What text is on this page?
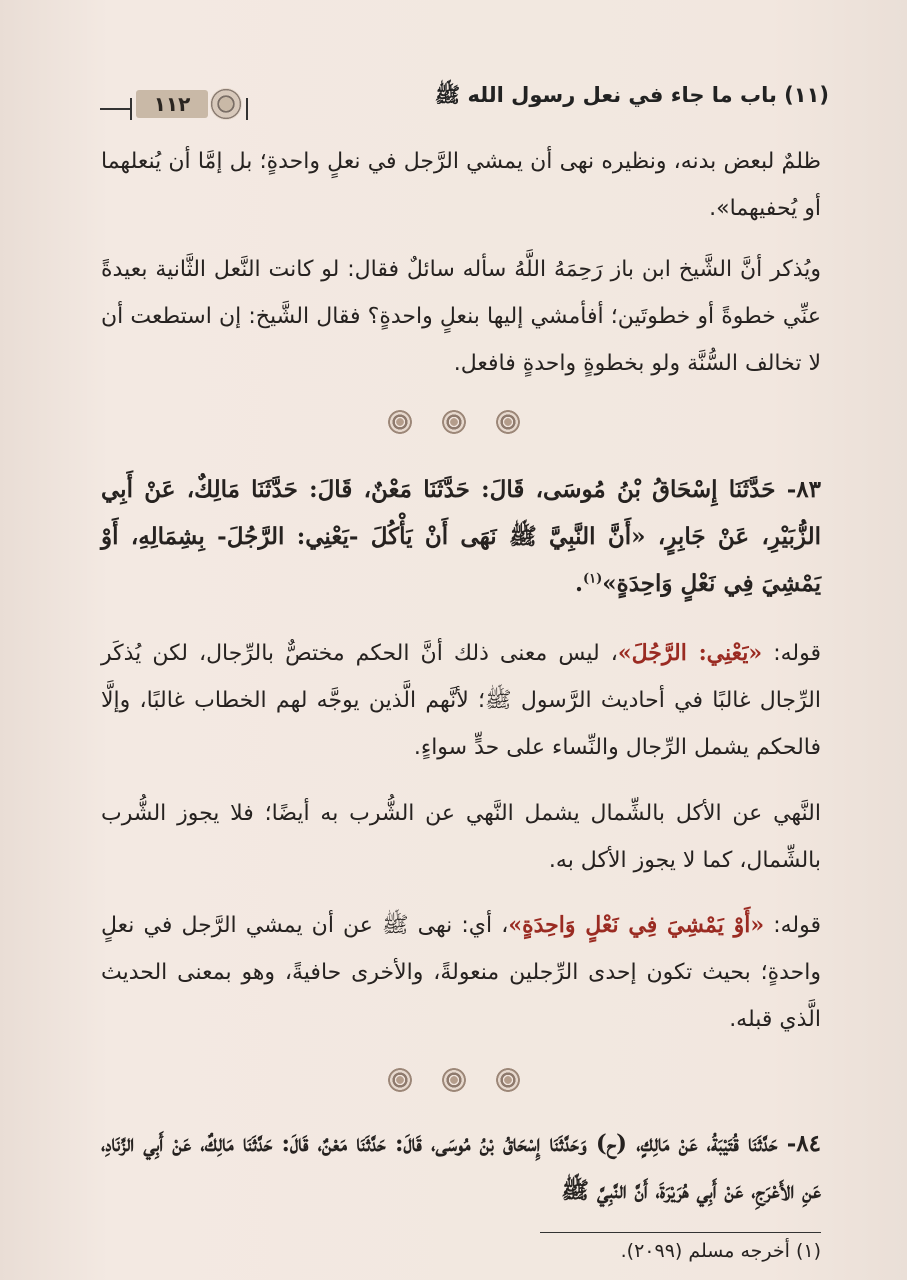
١١٢	(١١) باب ما جاء في نعل رسول الله ﷺ

ظلمٌ لبعض بدنه، ونظيره نهى أن يمشي الرَّجل في نعلٍ واحدةٍ؛ بل إمَّا أن يُنعلهما أو يُحفيهما».

ويُذكر أنَّ الشَّيخ ابن باز رَحِمَهُ اللَّهُ سأله سائلٌ فقال: لو كانت النَّعل الثَّانية بعيدةً عنِّي خطوةً أو خطوتَين؛ أفأمشي إليها بنعلٍ واحدةٍ؟ فقال الشَّيخ: إن استطعت أن لا تخالف السُّنَّة ولو بخطوةٍ واحدةٍ فافعل.

٨٣- حَدَّثَنَا إِسْحَاقُ بْنُ مُوسَى، قَالَ: حَدَّثَنَا مَعْنٌ، قَالَ: حَدَّثَنَا مَالِكٌ، عَنْ أَبِي الزُّبَيْرِ، عَنْ جَابِرٍ، «أَنَّ النَّبِيَّ ﷺ نَهَى أَنْ يَأْكُلَ -يَعْنِي: الرَّجُلَ- بِشِمَالِهِ، أَوْ يَمْشِيَ فِي نَعْلٍ وَاحِدَةٍ»$^{(١)}$.

قوله: «يَعْنِي: الرَّجُلَ»، ليس معنى ذلك أنَّ الحكم مختصٌّ بالرِّجال، لكن يُذكَر الرِّجال غالبًا في أحاديث الرَّسول ﷺ؛ لأنَّهم الَّذين يوجَّه لهم الخطاب غالبًا، وإلَّا فالحكم يشمل الرِّجال والنِّساء على حدٍّ سواءٍ.

النَّهي عن الأكل بالشِّمال يشمل النَّهي عن الشُّرب به أيضًا؛ فلا يجوز الشُّرب بالشِّمال، كما لا يجوز الأكل به.

قوله: «أَوْ يَمْشِيَ فِي نَعْلٍ وَاحِدَةٍ»، أي: نهى ﷺ عن أن يمشي الرَّجل في نعلٍ واحدةٍ؛ بحيث تكون إحدى الرِّجلين منعولةً، والأخرى حافيةً، وهو بمعنى الحديث الَّذي قبله.

٨٤- حَدَّثَنَا قُتَيْبَةُ، عَنْ مَالِكٍ، (ح) وَحَدَّثَنَا إِسْحَاقُ بْنُ مُوسَى، قَالَ: حَدَّثَنَا مَعْنٌ، قَالَ: حَدَّثَنَا مَالِكٌ، عَنْ أَبِي الزِّنَادِ، عَنِ الأَعْرَجِ، عَنْ أَبِي هُرَيْرَةَ، أَنَّ النَّبِيَّ ﷺ

(١) أخرجه مسلم (٢٠٩٩).
